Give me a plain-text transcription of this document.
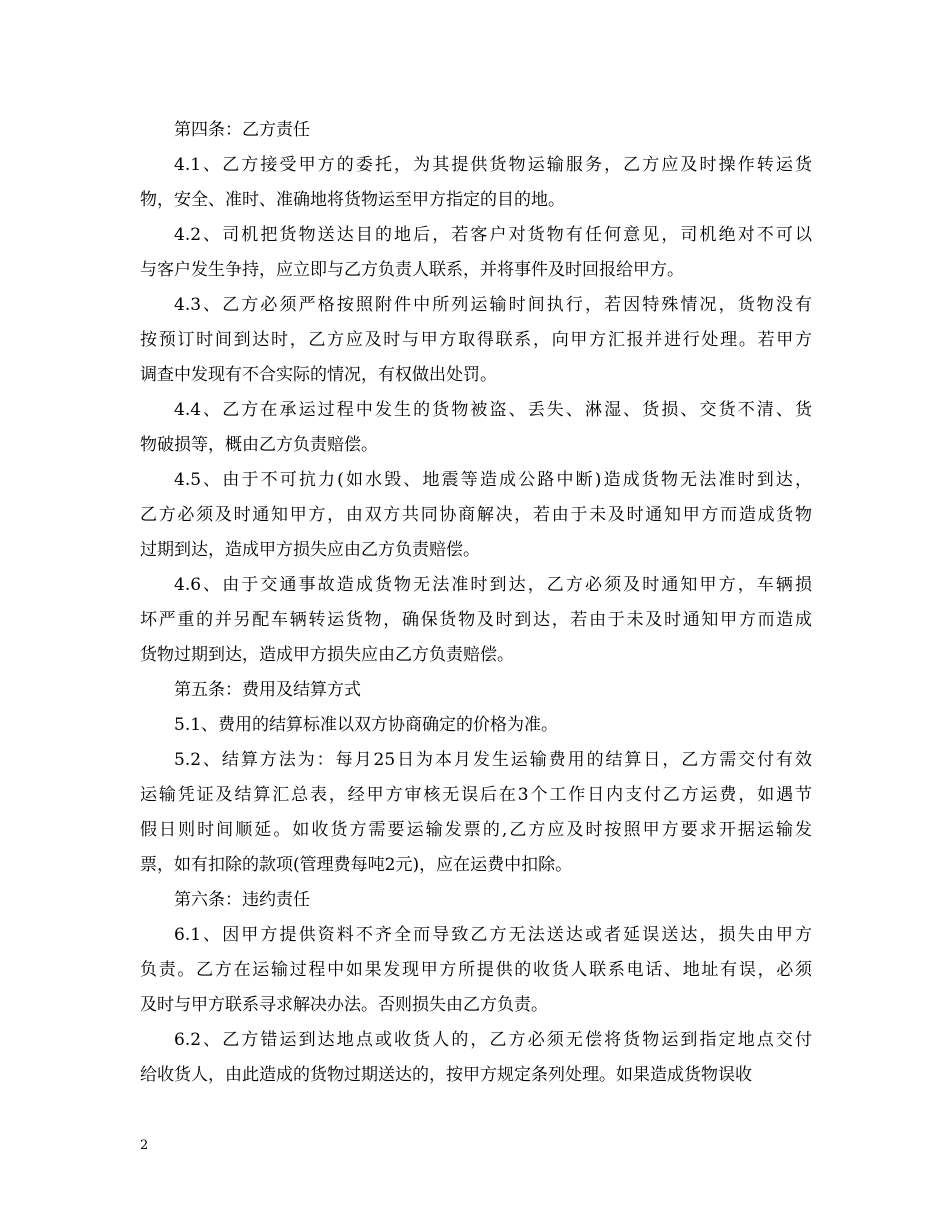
第四条：乙方责任
4.1、乙方接受甲方的委托，为其提供货物运输服务，乙方应及时操作转运货
物，安全、准时、准确地将货物运至甲方指定的目的地。
4.2、司机把货物送达目的地后，若客户对货物有任何意见，司机绝对不可以
与客户发生争持，应立即与乙方负责人联系，并将事件及时回报给甲方。
4.3、乙方必须严格按照附件中所列运输时间执行，若因特殊情况，货物没有
按预订时间到达时，乙方应及时与甲方取得联系，向甲方汇报并进行处理。若甲方
调查中发现有不合实际的情况，有权做出处罚。
4.4、乙方在承运过程中发生的货物被盗、丢失、淋湿、货损、交货不清、货
物破损等，概由乙方负责赔偿。
4.5、由于不可抗力(如水毁、地震等造成公路中断)造成货物无法准时到达，
乙方必须及时通知甲方，由双方共同协商解决，若由于未及时通知甲方而造成货物
过期到达，造成甲方损失应由乙方负责赔偿。
4.6、由于交通事故造成货物无法准时到达，乙方必须及时通知甲方，车辆损
坏严重的并另配车辆转运货物，确保货物及时到达，若由于未及时通知甲方而造成
货物过期到达，造成甲方损失应由乙方负责赔偿。
第五条：费用及结算方式
5.1、费用的结算标准以双方协商确定的价格为准。
5.2、结算方法为：每月25日为本月发生运输费用的结算日，乙方需交付有效
运输凭证及结算汇总表，经甲方审核无误后在3个工作日内支付乙方运费，如遇节
假日则时间顺延。如收货方需要运输发票的,乙方应及时按照甲方要求开据运输发
票，如有扣除的款项(管理费每吨2元)，应在运费中扣除。
第六条：违约责任
6.1、因甲方提供资料不齐全而导致乙方无法送达或者延误送达，损失由甲方
负责。乙方在运输过程中如果发现甲方所提供的收货人联系电话、地址有误，必须
及时与甲方联系寻求解决办法。否则损失由乙方负责。
6.2、乙方错运到达地点或收货人的，乙方必须无偿将货物运到指定地点交付
给收货人，由此造成的货物过期送达的，按甲方规定条列处理。如果造成货物误收
2
